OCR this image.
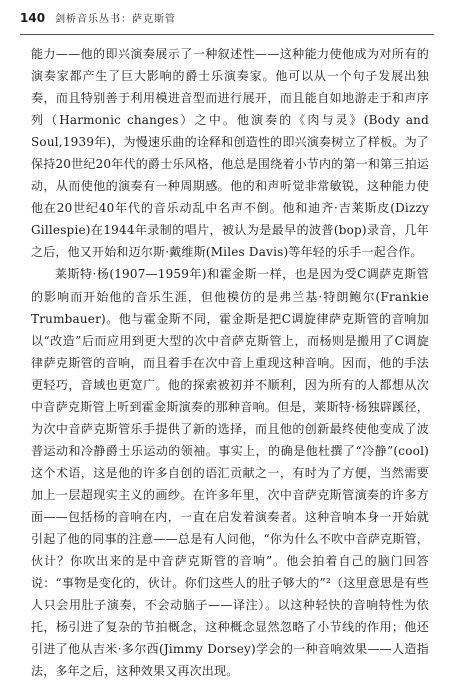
140 剑桥音乐丛书：萨克斯管

能力——他的即兴演奏展示了一种叙述性——这种能力使他成为对所有的演奏家都产生了巨大影响的爵士乐演奏家。他可以从一个句子发展出独奏，而且特别善于利用模进音型而进行展开，而且能自如地游走于和声序列（Harmonic changes）之中。他演奏的《肉与灵》(Body and Soul,1939年)，为慢速乐曲的诠释和创造性的即兴演奏树立了样板。为了保持20世纪20年代的爵士乐风格，他总是围绕着小节内的第一和第三拍运动，从而使他的演奏有一种周期感。他的和声听觉非常敏锐，这种能力使他在20世纪40年代的音乐动乱中名声不倒。他和迪齐·吉莱斯皮(Dizzy Gillespie)在1944年录制的唱片，被认为是最早的波普(bop)录音，几年之后，他又开始和迈尔斯·戴维斯(Miles Davis)等年轻的乐手一起合作。

莱斯特·杨(1907—1959年)和霍金斯一样，也是因为受C调萨克斯管的影响而开始他的音乐生涯，但他模仿的是弗兰基·特朗鲍尔(Frankie Trumbauer)。他与霍金斯不同，霍金斯是把C调旋律萨克斯管的音响加以“改造”后而应用到更大型的次中音萨克斯管上，而杨则是搬用了C调旋律萨克斯管的音响，而且着手在次中音上重现这种音响。因而，他的手法更轻巧，音域也更宽广。他的探索被初并不顺利，因为所有的人都想从次中音萨克斯管上听到霍金斯演奏的那种音响。但是，莱斯特·杨独辟蹊径，为次中音萨克斯管乐手提供了新的选择，而且他的创新最终使他变成了波普运动和冷静爵士乐运动的领袖。事实上，的确是他杜撰了“冷静”(cool)这个术语，这是他的许多自创的语汇贡献之一，有时为了方便，当然需要加上一层超现实主义的画纱。在许多年里，次中音萨克斯管演奏的许多方面——包括杨的音响在内，一直在启发着演奏者。这种音响本身一开始就引起了他的同事的注意——总是有人问他，“你为什么不吹中音萨克斯管，伙计？你吹出来的是中音萨克斯管的音响”。他会拍着自己的脑门回答说：“事物是变化的，伙计。你们这些人的肚子够大的”²（这里意思是有些人只会用肚子演奏，不会动脑子——译注）。以这种轻快的音响特性为依托，杨引进了复杂的节拍概念，这种概念显然忽略了小节线的作用；他还引进了他从吉米·多尔西(Jimmy Dorsey)学会的一种音响效果——人造指法，多年之后，这种效果又再次出现。
